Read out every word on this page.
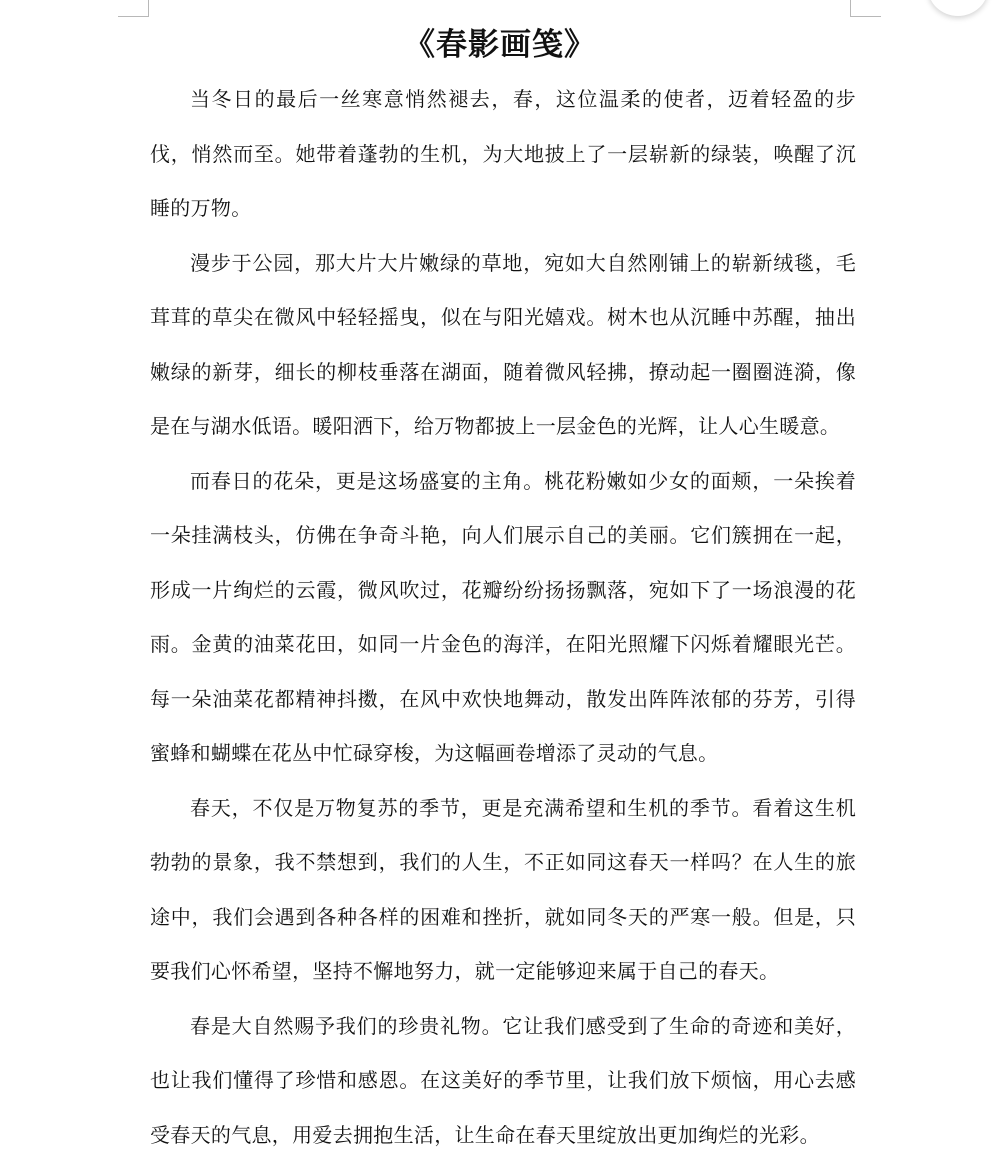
《春影画笺》

当冬日的最后一丝寒意悄然褪去，春，这位温柔的使者，迈着轻盈的步伐，悄然而至。她带着蓬勃的生机，为大地披上了一层崭新的绿装，唤醒了沉睡的万物。

漫步于公园，那大片大片嫩绿的草地，宛如大自然刚铺上的崭新绒毯，毛茸茸的草尖在微风中轻轻摇曳，似在与阳光嬉戏。树木也从沉睡中苏醒，抽出嫩绿的新芽，细长的柳枝垂落在湖面，随着微风轻拂，撩动起一圈圈涟漪，像是在与湖水低语。暖阳洒下，给万物都披上一层金色的光辉，让人心生暖意。

而春日的花朵，更是这场盛宴的主角。桃花粉嫩如少女的面颊，一朵挨着一朵挂满枝头，仿佛在争奇斗艳，向人们展示自己的美丽。它们簇拥在一起，形成一片绚烂的云霞，微风吹过，花瓣纷纷扬扬飘落，宛如下了一场浪漫的花雨。金黄的油菜花田，如同一片金色的海洋，在阳光照耀下闪烁着耀眼光芒。每一朵油菜花都精神抖擞，在风中欢快地舞动，散发出阵阵浓郁的芬芳，引得蜜蜂和蝴蝶在花丛中忙碌穿梭，为这幅画卷增添了灵动的气息。

春天，不仅是万物复苏的季节，更是充满希望和生机的季节。看着这生机勃勃的景象，我不禁想到，我们的人生，不正如同这春天一样吗？在人生的旅途中，我们会遇到各种各样的困难和挫折，就如同冬天的严寒一般。但是，只要我们心怀希望，坚持不懈地努力，就一定能够迎来属于自己的春天。

春是大自然赐予我们的珍贵礼物。它让我们感受到了生命的奇迹和美好，也让我们懂得了珍惜和感恩。在这美好的季节里，让我们放下烦恼，用心去感受春天的气息，用爱去拥抱生活，让生命在春天里绽放出更加绚烂的光彩。
